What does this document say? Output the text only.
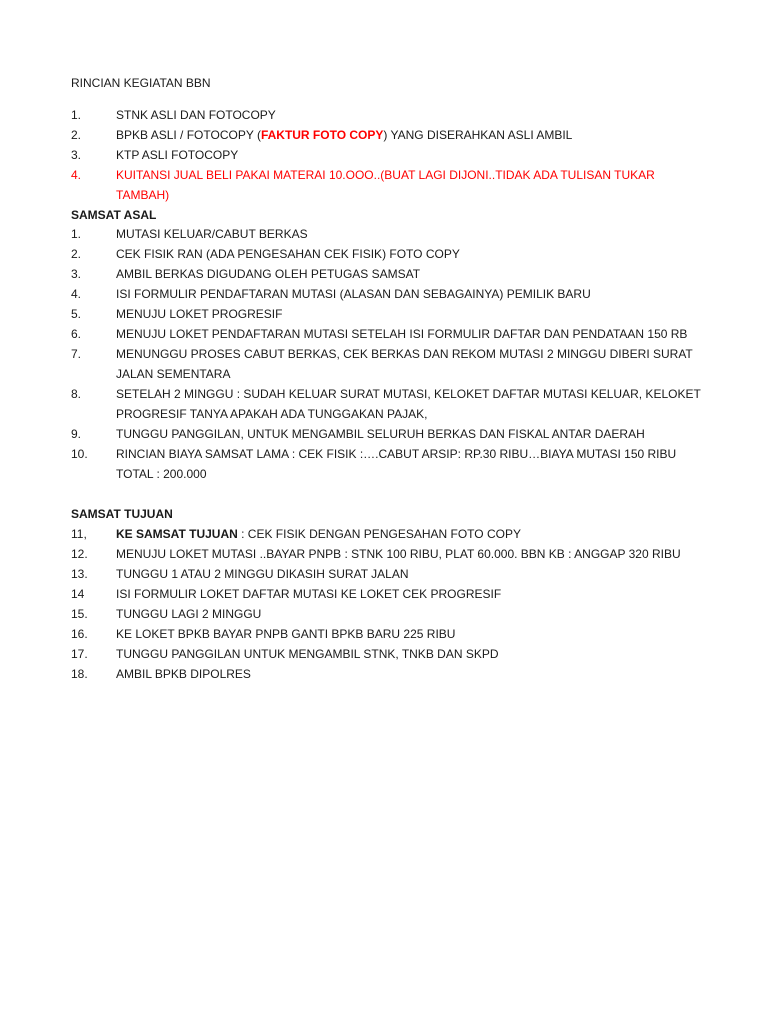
RINCIAN KEGIATAN BBN
1.	STNK ASLI DAN FOTOCOPY
2.	BPKB ASLI / FOTOCOPY (FAKTUR FOTO COPY) YANG DISERAHKAN ASLI AMBIL
3.	KTP ASLI FOTOCOPY
4.	KUITANSI JUAL BELI PAKAI MATERAI 10.OOO..(BUAT LAGI DIJONI..TIDAK ADA TULISAN TUKAR TAMBAH)
SAMSAT ASAL
1.	MUTASI KELUAR/CABUT BERKAS
2.	CEK FISIK RAN (ADA PENGESAHAN CEK FISIK) FOTO COPY
3.	AMBIL BERKAS DIGUDANG OLEH PETUGAS SAMSAT
4.	ISI FORMULIR PENDAFTARAN MUTASI (ALASAN DAN SEBAGAINYA) PEMILIK BARU
5.	MENUJU LOKET PROGRESIF
6.	MENUJU LOKET PENDAFTARAN MUTASI SETELAH ISI FORMULIR DAFTAR DAN PENDATAAN 150 RB
7.	MENUNGGU PROSES CABUT BERKAS, CEK BERKAS DAN REKOM MUTASI 2 MINGGU DIBERI SURAT JALAN SEMENTARA
8.	SETELAH 2 MINGGU : SUDAH KELUAR SURAT MUTASI, KELOKET DAFTAR MUTASI KELUAR, KELOKET PROGRESIF TANYA APAKAH ADA TUNGGAKAN PAJAK,
9.	TUNGGU PANGGILAN, UNTUK MENGAMBIL SELURUH BERKAS DAN FISKAL ANTAR DAERAH
10.	RINCIAN BIAYA SAMSAT LAMA : CEK FISIK :….CABUT ARSIP: RP.30 RIBU…BIAYA MUTASI 150 RIBU TOTAL : 200.000
SAMSAT TUJUAN
11,	KE SAMSAT TUJUAN : CEK FISIK DENGAN PENGESAHAN FOTO COPY
12.	MENUJU LOKET MUTASI ..BAYAR PNPB : STNK 100 RIBU, PLAT 60.000. BBN KB : ANGGAP 320 RIBU
13.	TUNGGU 1 ATAU 2 MINGGU DIKASIH SURAT JALAN
14	ISI FORMULIR LOKET DAFTAR MUTASI KE LOKET CEK PROGRESIF
15.	TUNGGU LAGI 2 MINGGU
16.	KE LOKET BPKB BAYAR PNPB GANTI BPKB BARU 225 RIBU
17.	TUNGGU PANGGILAN UNTUK MENGAMBIL STNK, TNKB DAN SKPD
18.	AMBIL BPKB DIPOLRES
